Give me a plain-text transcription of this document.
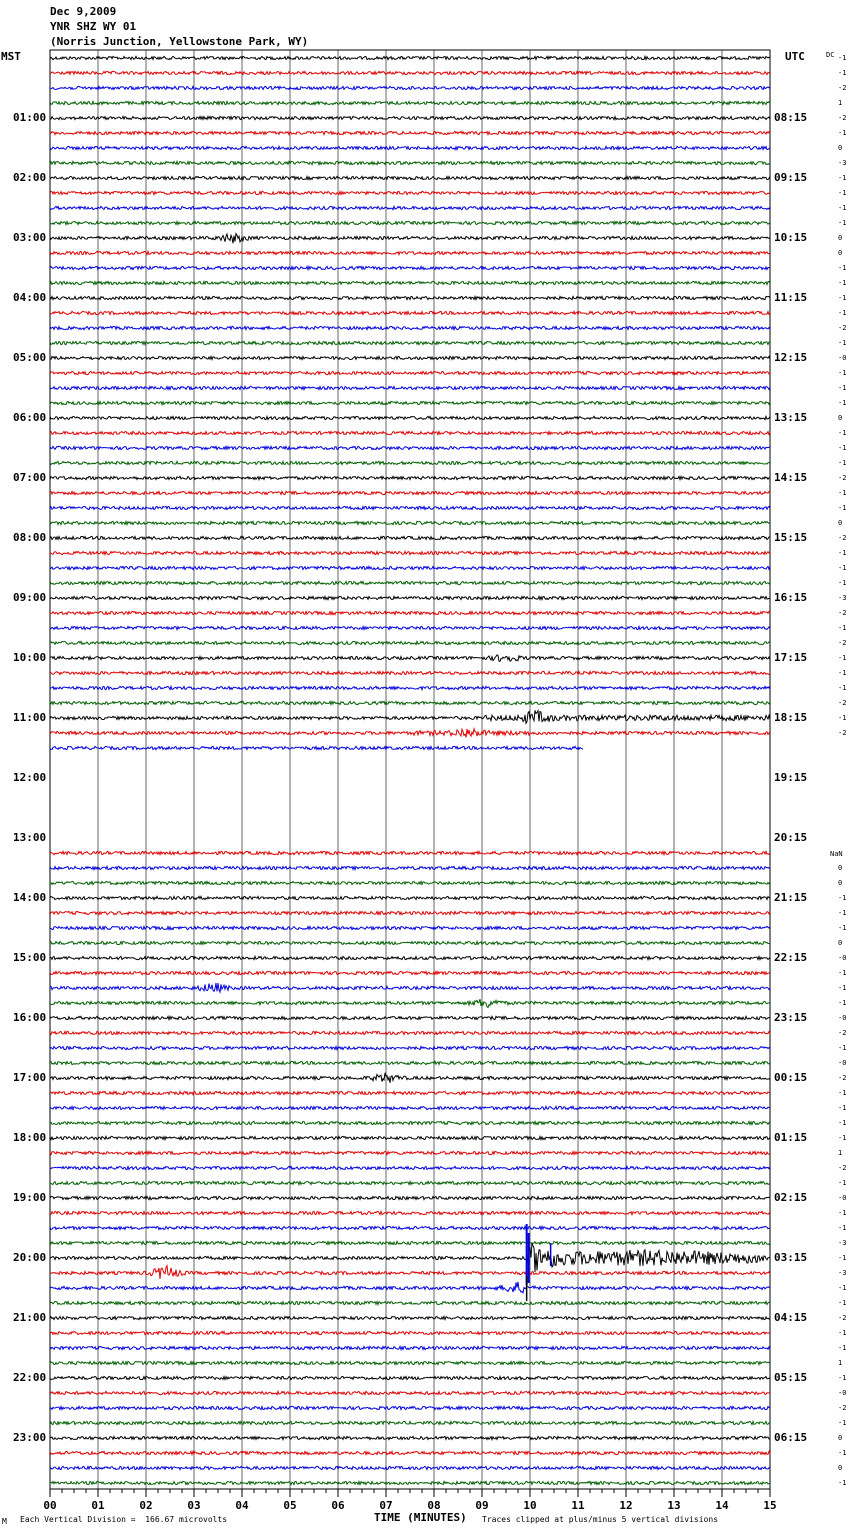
Dec 9,2009
YNR SHZ WY 01
(Norris Junction, Yellowstone Park, WY)
MST	UTC	DC
NaN
01:00
02:00
03:00
04:00
05:00
06:00
07:00
08:00
09:00
10:00
11:00
12:00
13:00
14:00
15:00
16:00
17:00
18:00
19:00
20:00
21:00
22:00
23:00
08:15
09:15
10:15
11:15
12:15
13:15
14:15
15:15
16:15
17:15
18:15
19:15
20:15
21:15
22:15
23:15
00:15
01:15
02:15
03:15
04:15
05:15
06:15
-1
-1
-2
1
-2
-1
0
-3
-1
-1
-1
-1
0
0
-1
-1
-1
-1
-2
-1
-0
-1
-1
-1
0
-1
-1
-1
-2
-1
-1
0
-2
-1
-1
-1
-3
-2
-1
-2
-1
-1
-1
-2
-1
-2
0
0
-1
-1
-1
0
-0
-1
-1
-1
-0
-2
-1
-0
-2
-1
-1
-1
-1
1
-2
-1
-0
-1
-1
-3
-1
-3
-1
-1
-2
-1
-1
1
-1
-0
-2
-1
0
-1
0
-1
00	01	02	03	04	05	06	07	08	09	10	11	12	13	14	15
M Each Vertical Division =  166.67 microvolts	TIME (MINUTES) Traces clipped at plus/minus 5 vertical divisions
